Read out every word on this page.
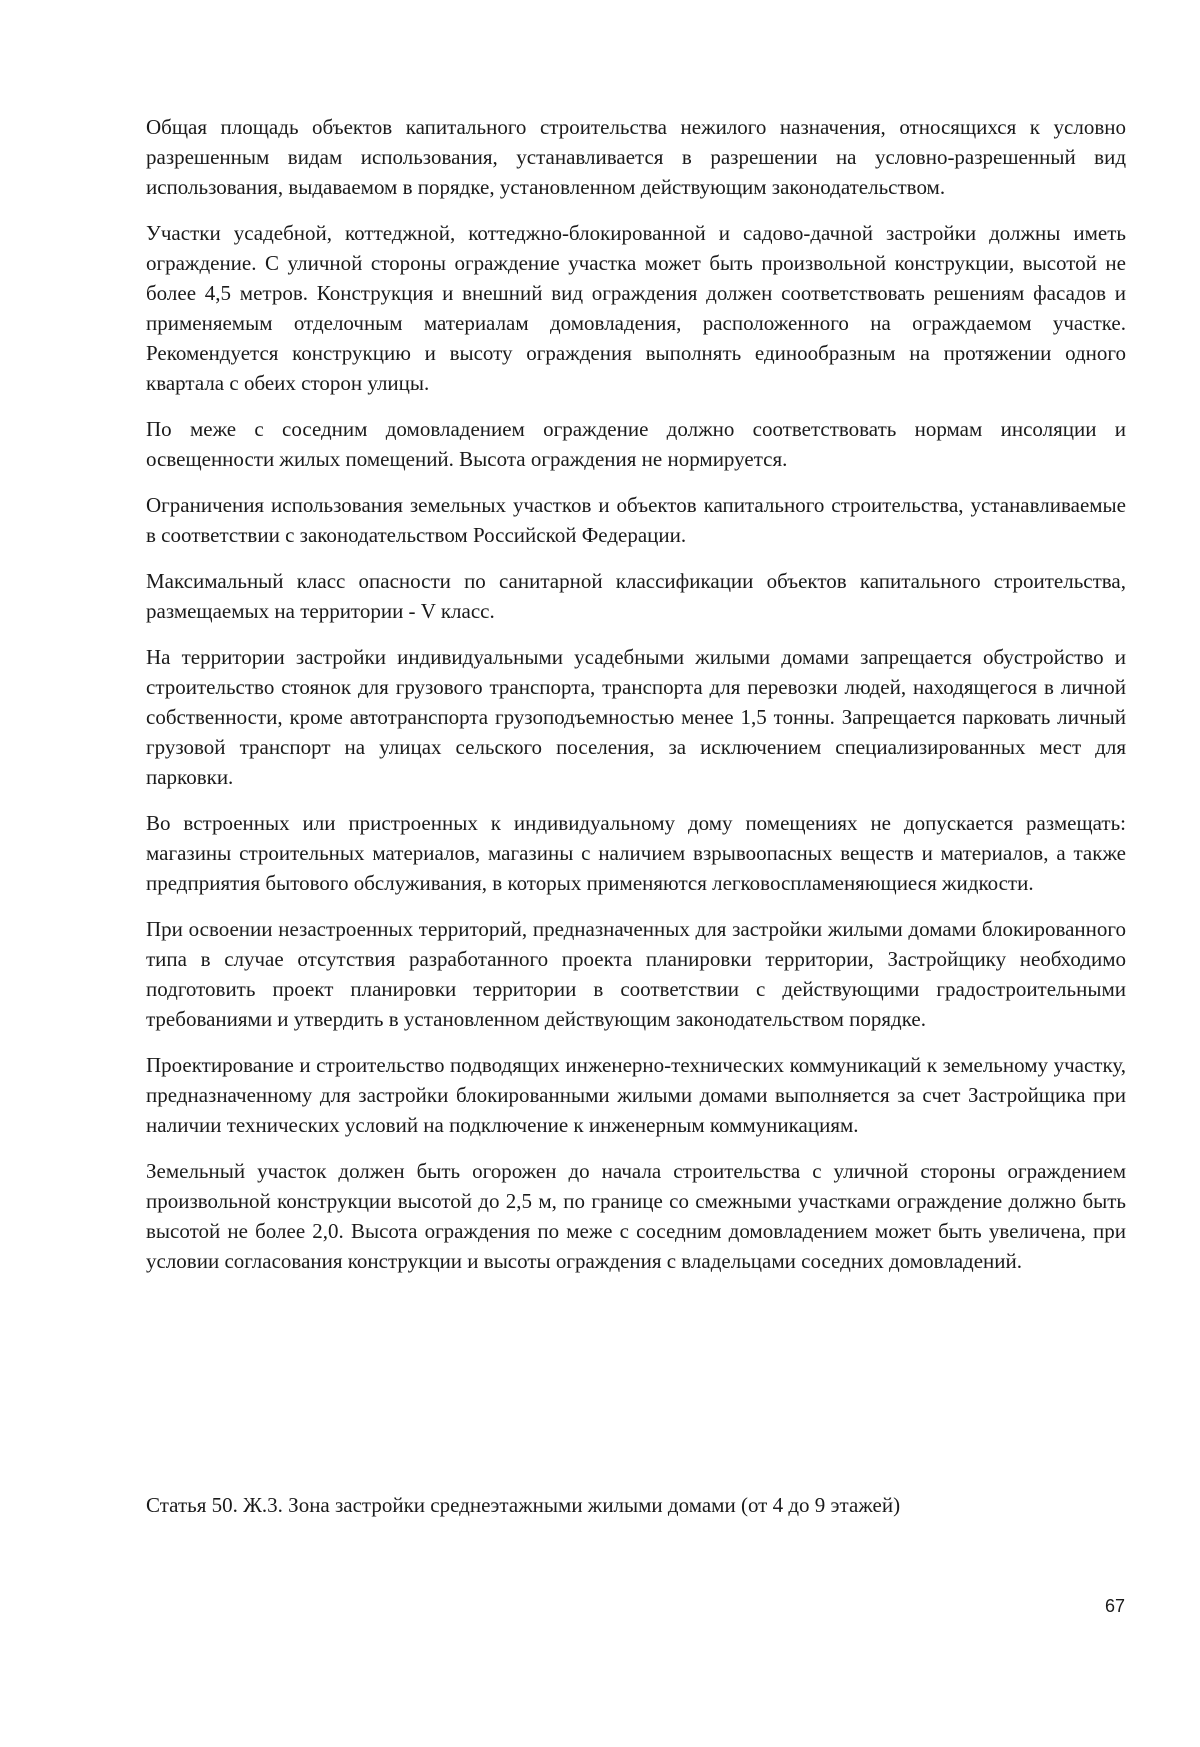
Общая площадь объектов капитального строительства нежилого назначения, относящихся к условно разрешенным видам использования, устанавливается в разрешении на условно-разрешенный вид использования, выдаваемом в порядке, установленном действующим законодательством.

Участки усадебной, коттеджной, коттеджно-блокированной и садово-дачной застройки должны иметь ограждение. С уличной стороны ограждение участка может быть произвольной конструкции, высотой не более 4,5 метров. Конструкция и внешний вид ограждения должен соответствовать решениям фасадов и применяемым отделочным материалам домовладения, расположенного на ограждаемом участке. Рекомендуется конструкцию и высоту ограждения выполнять единообразным на протяжении одного квартала с обеих сторон улицы.

По меже с соседним домовладением ограждение должно соответствовать нормам инсоляции и освещенности жилых помещений. Высота ограждения не нормируется.

Ограничения использования земельных участков и объектов капитального строительства, устанавливаемые в соответствии с законодательством Российской Федерации.

Максимальный класс опасности по санитарной классификации объектов капитального строительства, размещаемых на территории - V класс.

На территории застройки индивидуальными усадебными жилыми домами запрещается обустройство и строительство стоянок для грузового транспорта, транспорта для перевозки людей, находящегося в личной собственности, кроме автотранспорта грузоподъемностью менее 1,5 тонны. Запрещается парковать личный грузовой транспорт на улицах сельского поселения, за исключением специализированных мест для парковки.

Во встроенных или пристроенных к индивидуальному дому помещениях не допускается размещать: магазины строительных материалов, магазины с наличием взрывоопасных веществ и материалов, а также предприятия бытового обслуживания, в которых применяются легковоспламеняющиеся жидкости.

При освоении незастроенных территорий, предназначенных для застройки жилыми домами блокированного типа в случае отсутствия разработанного проекта планировки территории, Застройщику необходимо подготовить проект планировки территории в соответствии с действующими градостроительными требованиями и утвердить в установленном действующим законодательством порядке.

Проектирование и строительство подводящих инженерно-технических коммуникаций к земельному участку, предназначенному для застройки блокированными жилыми домами выполняется за счет Застройщика при наличии технических условий на подключение к инженерным коммуникациям.

Земельный участок должен быть огорожен до начала строительства с уличной стороны ограждением произвольной конструкции высотой до 2,5 м, по границе со смежными участками ограждение должно быть высотой не более 2,0. Высота ограждения по меже с соседним домовладением может быть увеличена, при условии согласования конструкции и высоты ограждения с владельцами соседних домовладений.

Статья 50. Ж.3. Зона застройки среднеэтажными жилыми домами (от 4 до 9 этажей)
67
